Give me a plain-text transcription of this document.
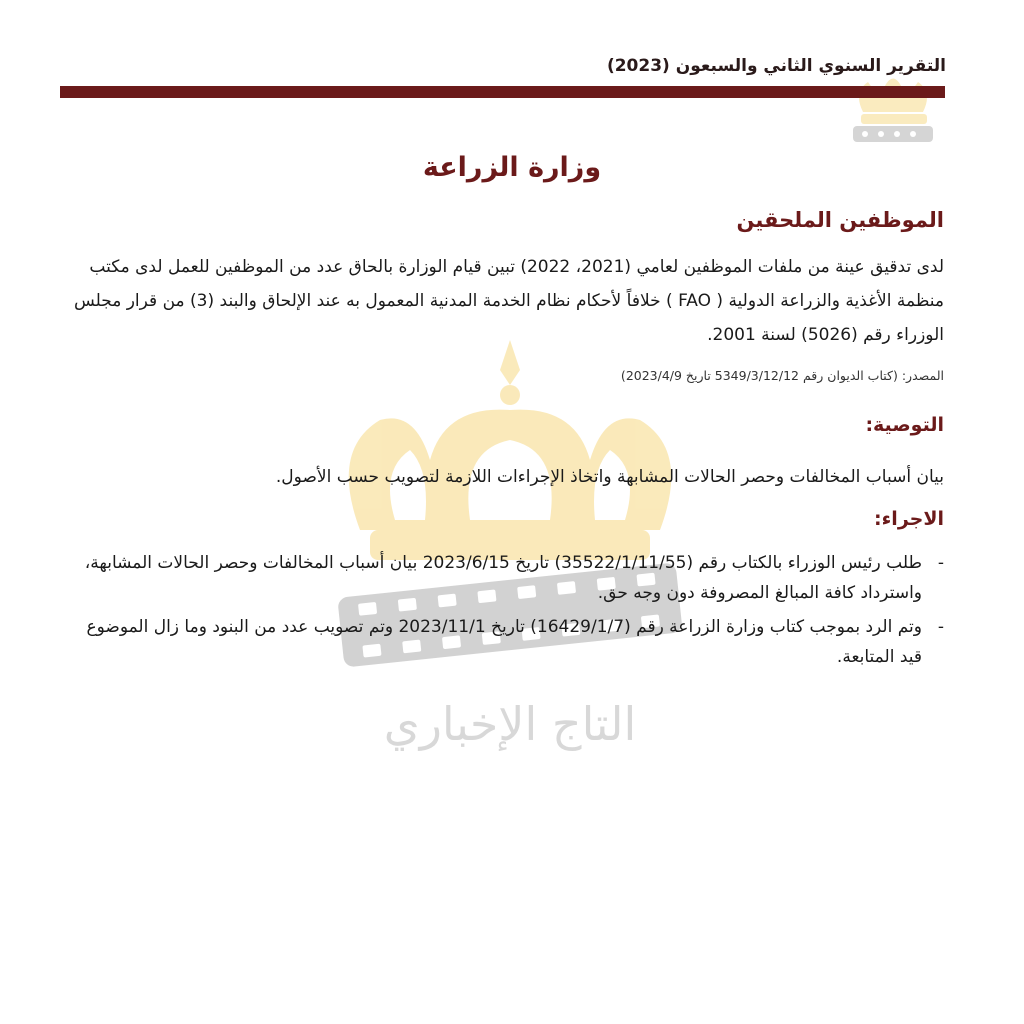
التقرير السنوي الثاني والسبعون (2023)
التاج الإخباري
وزارة الزراعة
الموظفين الملحقين
لدى تدقيق عينة من ملفات الموظفين لعامي (2021، 2022) تبين قيام الوزارة بالحاق عدد من الموظفين للعمل لدى مكتب منظمة الأغذية والزراعة الدولية ( FAO ) خلافاً لأحكام نظام الخدمة المدنية المعمول به عند الإلحاق والبند (3) من قرار مجلس الوزراء رقم (5026) لسنة 2001.
المصدر: (كتاب الديوان رقم 5349/3/12/12 تاريخ 2023/4/9)
التوصية:
بيان أسباب المخالفات وحصر الحالات المشابهة واتخاذ الإجراءات اللازمة لتصويب حسب الأصول.
الاجراء:
-
طلب رئيس الوزراء بالكتاب رقم (35522/1/11/55) تاريخ 2023/6/15 بيان أسباب المخالفات وحصر الحالات المشابهة، واسترداد كافة المبالغ المصروفة دون وجه حق.
-
وتم الرد بموجب كتاب وزارة الزراعة رقم (16429/1/7) تاريخ 2023/11/1 وتم تصويب عدد من البنود وما زال الموضوع قيد المتابعة.
